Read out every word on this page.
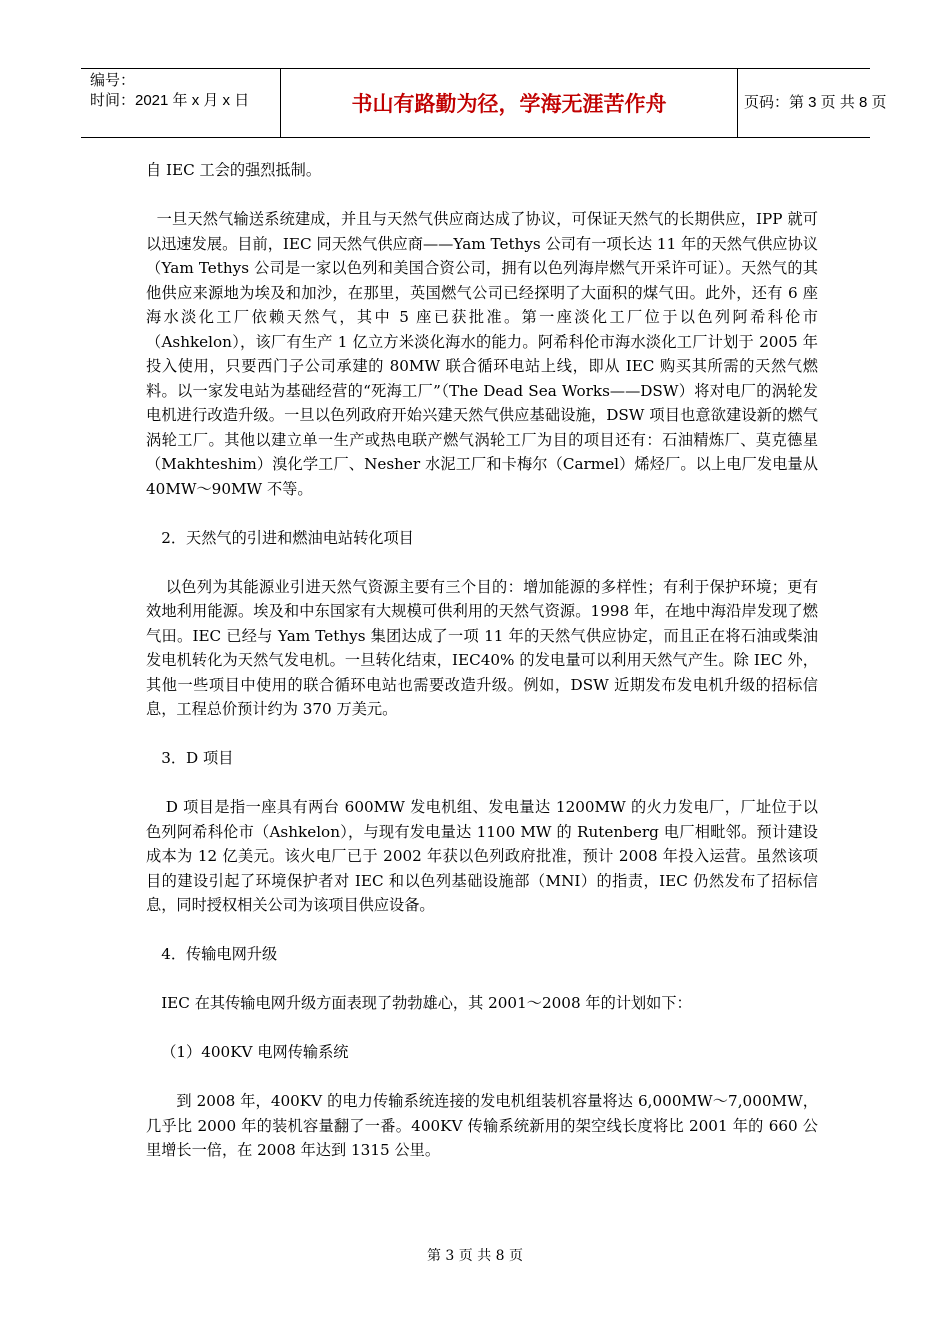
编号：
时间：2021 年 x 月 x 日	书山有路勤为径，学海无涯苦作舟	页码：第 3 页 共 8 页

自 IEC 工会的强烈抵制。

一旦天然气输送系统建成，并且与天然气供应商达成了协议，可保证天然气的长期供应，IPP 就可以迅速发展。目前，IEC 同天然气供应商——Yam Tethys 公司有一项长达 11 年的天然气供应协议（Yam Tethys 公司是一家以色列和美国合资公司，拥有以色列海岸燃气开采许可证）。天然气的其他供应来源地为埃及和加沙，在那里，英国燃气公司已经探明了大面积的煤气田。此外，还有 6 座海水淡化工厂依赖天然气，其中 5 座已获批准。第一座淡化工厂位于以色列阿希科伦市（Ashkelon），该厂有生产 1 亿立方米淡化海水的能力。阿希科伦市海水淡化工厂计划于 2005 年投入使用，只要西门子公司承建的 80MW 联合循环电站上线，即从 IEC 购买其所需的天然气燃料。以一家发电站为基础经营的“死海工厂”（The Dead Sea Works——DSW）将对电厂的涡轮发电机进行改造升级。一旦以色列政府开始兴建天然气供应基础设施，DSW 项目也意欲建设新的燃气涡轮工厂。其他以建立单一生产或热电联产燃气涡轮工厂为目的项目还有：石油精炼厂、莫克德星（Makhteshim）溴化学工厂、Nesher 水泥工厂和卡梅尔（Carmel）烯烃厂。以上电厂发电量从 40MW～90MW 不等。

2．天然气的引进和燃油电站转化项目

以色列为其能源业引进天然气资源主要有三个目的：增加能源的多样性；有利于保护环境；更有效地利用能源。埃及和中东国家有大规模可供利用的天然气资源。1998 年，在地中海沿岸发现了燃气田。IEC 已经与 Yam Tethys 集团达成了一项 11 年的天然气供应协定，而且正在将石油或柴油发电机转化为天然气发电机。一旦转化结束，IEC40% 的发电量可以利用天然气产生。除 IEC 外，其他一些项目中使用的联合循环电站也需要改造升级。例如，DSW 近期发布发电机升级的招标信息，工程总价预计约为 370 万美元。

3．D 项目

D 项目是指一座具有两台 600MW 发电机组、发电量达 1200MW 的火力发电厂，厂址位于以色列阿希科伦市（Ashkelon），与现有发电量达 1100 MW 的 Rutenberg 电厂相毗邻。预计建设成本为 12 亿美元。该火电厂已于 2002 年获以色列政府批准，预计 2008 年投入运营。虽然该项目的建设引起了环境保护者对 IEC 和以色列基础设施部（MNI）的指责，IEC 仍然发布了招标信息，同时授权相关公司为该项目供应设备。

4．传输电网升级

IEC 在其传输电网升级方面表现了勃勃雄心，其 2001～2008 年的计划如下：

（1）400KV 电网传输系统

到 2008 年，400KV 的电力传输系统连接的发电机组装机容量将达 6,000MW～7,000MW，几乎比 2000 年的装机容量翻了一番。400KV 传输系统新用的架空线长度将比 2001 年的 660 公里增长一倍，在 2008 年达到 1315 公里。

第 3 页 共 8 页
